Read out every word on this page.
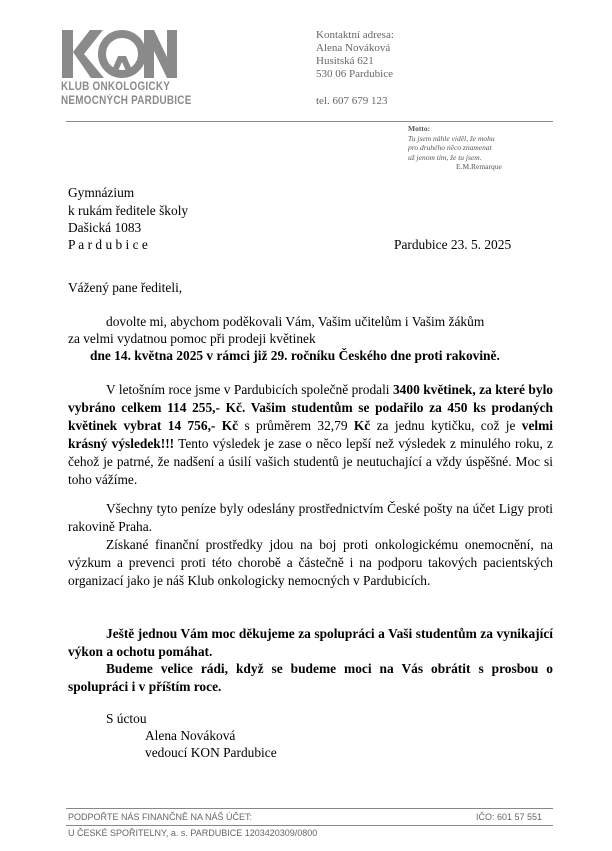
KLUB ONKOLOGICKY
NEMOCNÝCH PARDUBICE
Kontaktní adresa:
Alena Nováková
Husitská 621
530 06 Pardubice
tel. 607 679 123
Motto:
Tu jsem náhle viděl, že mohu
pro druhého něco znamenat
už jenom tím, že tu jsem.
E.M.Remarque
Gymnázium
k rukám ředitele školy
Dašická 1083
P a r d u b i c e	Pardubice 23. 5. 2025
Vážený pane řediteli,
dovolte mi, abychom poděkovali Vám, Vašim učitelům i Vašim žákům
za velmi vydatnou pomoc při prodeji květinek
dne 14. května 2025 v rámci již 29. ročníku Českého dne proti rakovině.
V letošním roce jsme v Pardubicích společně prodali 3400 květinek, za které bylo vybráno celkem 114 255,- Kč. Vašim studentům se podařilo za 450 ks prodaných květinek vybrat 14 756,- Kč s průměrem 32,79 Kč za jednu kytičku, což je velmi krásný výsledek!!! Tento výsledek je zase o něco lepší než výsledek z minulého roku, z čehož je patrné, že nadšení a úsilí vašich studentů je neutuchající a vždy úspěšné. Moc si toho vážíme.
Všechny tyto peníze byly odeslány prostřednictvím České pošty na účet Ligy proti rakovině Praha.
Získané finanční prostředky jdou na boj proti onkologickému onemocnění, na výzkum a prevenci proti této chorobě a částečně i na podporu takových pacientských organizací jako je náš Klub onkologicky nemocných v Pardubicích.
Ještě jednou Vám moc děkujeme za spolupráci a Vaši studentům za vynikající výkon a ochotu pomáhat.
Budeme velice rádi, když se budeme moci na Vás obrátit s prosbou o spolupráci i v příštím roce.
S úctou
Alena Nováková
vedoucí KON Pardubice
PODPOŘTE NÁS FINANČNĚ NA NÁŠ ÚČET:	IČO: 601 57 551
U ČESKÉ SPOŘITELNY, a. s. PARDUBICE 1203420309/0800
